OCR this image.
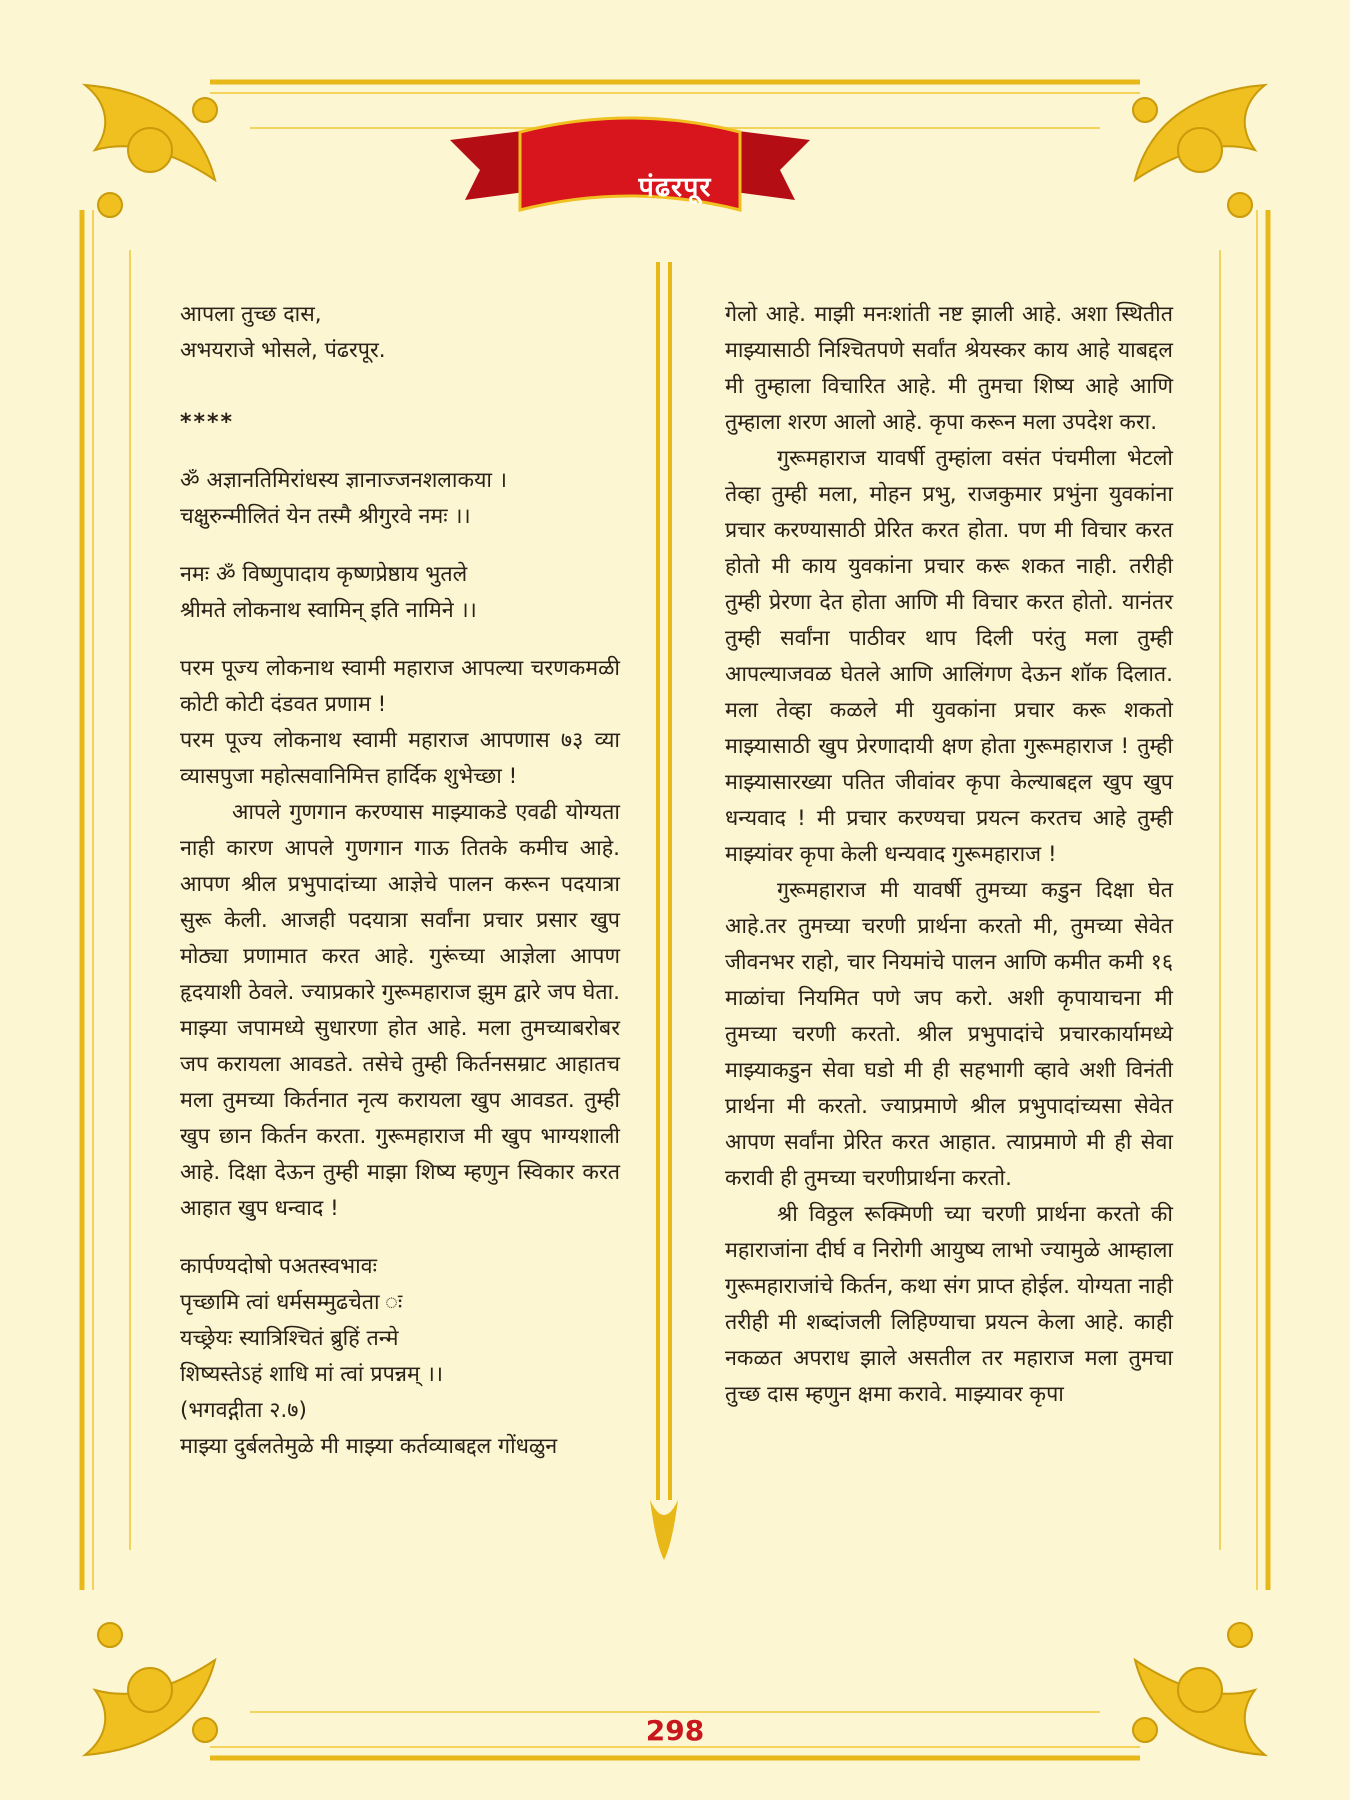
पंढरपूर

आपला तुच्छ दास,

अभयराजे भोसले, पंढरपूर.

****

ॐ अज्ञानतिमिरांधस्य ज्ञानाज्जनशलाकया ।

चक्षुरुन्मीलितं येन तस्मै श्रीगुरवे नमः ।।

नमः ॐ विष्णुपादाय कृष्णप्रेष्ठाय भुतले

श्रीमते लोकनाथ स्वामिन् इति नामिने ।।

परम पूज्य लोकनाथ स्वामी महाराज आपल्या चरणकमळी कोटी कोटी दंडवत प्रणाम !

परम पूज्य लोकनाथ स्वामी महाराज आपणास ७३ व्या व्यासपुजा महोत्सवानिमित्त हार्दिक शुभेच्छा !

आपले गुणगान करण्यास माझ्याकडे एवढी योग्यता नाही कारण आपले गुणगान गाऊ तितके कमीच आहे. आपण श्रील प्रभुपादांच्या आज्ञेचे पालन करून पदयात्रा सुरू केली. आजही पदयात्रा सर्वांना प्रचार प्रसार खुप मोठ्या प्रणामात करत आहे. गुरूंच्या आज्ञेला आपण हृदयाशी ठेवले. ज्याप्रकारे गुरूमहाराज झुम द्वारे जप घेता. माझ्या जपामध्ये सुधारणा होत आहे. मला तुमच्याबरोबर जप करायला आवडते. तसेचे तुम्ही किर्तनसम्राट आहातच मला तुमच्या किर्तनात नृत्य करायला खुप आवडत. तुम्ही खुप छान किर्तन करता. गुरूमहाराज मी खुप भाग्यशाली आहे. दिक्षा देऊन तुम्ही माझा शिष्य म्हणुन स्विकार करत आहात खुप धन्वाद !

कार्पण्यदोषो पअतस्वभावः

पृच्छामि त्वां धर्मसम्मुढचेता ः

यच्छ्रेयः स्यात्रिश्चितं ब्रुहिं तन्मे

शिष्यस्तेऽहं शाधि मां त्वां प्रपन्नम् ।।

(भगवद्गीता २.७)

माझ्या दुर्बलतेमुळे मी माझ्या कर्तव्याबद्दल गोंधळुन

गेलो आहे. माझी मनःशांती नष्ट झाली आहे. अशा स्थितीत माझ्यासाठी निश्चितपणे सर्वांत श्रेयस्कर काय आहे याबद्दल मी तुम्हाला विचारित आहे. मी तुमचा शिष्य आहे आणि तुम्हाला शरण आलो आहे. कृपा करून मला उपदेश करा.

गुरूमहाराज यावर्षी तुम्हांला वसंत पंचमीला भेटलो तेव्हा तुम्ही मला, मोहन प्रभु, राजकुमार प्रभुंना युवकांना प्रचार करण्यासाठी प्रेरित करत होता. पण मी विचार करत होतो मी काय युवकांना प्रचार करू शकत नाही. तरीही तुम्ही प्रेरणा देत होता आणि मी विचार करत होतो. यानंतर तुम्ही सर्वांना पाठीवर थाप दिली परंतु मला तुम्ही आपल्याजवळ घेतले आणि आलिंगण देऊन शॉक दिलात. मला तेव्हा कळले मी युवकांना प्रचार करू शकतो माझ्यासाठी खुप प्रेरणादायी क्षण होता गुरूमहाराज ! तुम्ही माझ्यासारख्या पतित जीवांवर कृपा केल्याबद्दल खुप खुप धन्यवाद ! मी प्रचार करण्यचा प्रयत्न करतच आहे तुम्ही माझ्यांवर कृपा केली धन्यवाद गुरूमहाराज !

गुरूमहाराज मी यावर्षी तुमच्या कडुन दिक्षा घेत आहे.तर तुमच्या चरणी प्रार्थना करतो मी, तुमच्या सेवेत जीवनभर राहो, चार नियमांचे पालन आणि कमीत कमी १६ माळांचा नियमित पणे जप करो. अशी कृपायाचना मी तुमच्या चरणी करतो. श्रील प्रभुपादांचे प्रचारकार्यामध्ये माझ्याकडुन सेवा घडो मी ही सहभागी व्हावे अशी विनंती प्रार्थना मी करतो. ज्याप्रमाणे श्रील प्रभुपादांच्यसा सेवेत आपण सर्वांना प्रेरित करत आहात. त्याप्रमाणे मी ही सेवा करावी ही तुमच्या चरणीप्रार्थना करतो.

श्री विठ्ठल रूक्मिणी च्या चरणी प्रार्थना करतो की महाराजांना दीर्घ व निरोगी आयुष्य लाभो ज्यामुळे आम्हाला गुरूमहाराजांचे किर्तन, कथा संग प्राप्त होईल. योग्यता नाही तरीही मी शब्दांजली लिहिण्याचा प्रयत्न केला आहे. काही नकळत अपराध झाले असतील तर महाराज मला तुमचा तुच्छ दास म्हणुन क्षमा करावे. माझ्यावर कृपा

298
